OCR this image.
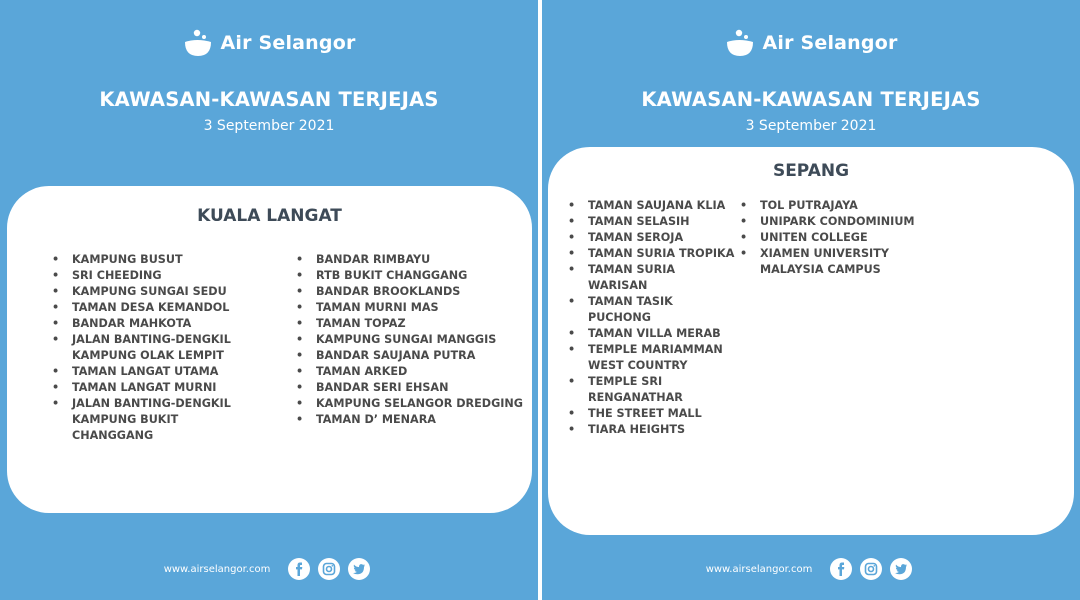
Air Selangor
KAWASAN-KAWASAN TERJEJAS
3 September 2021
KUALA LANGAT
• KAMPUNG BUSUT
• SRI CHEEDING
• KAMPUNG SUNGAI SEDU
• TAMAN DESA KEMANDOL
• BANDAR MAHKOTA
• JALAN BANTING-DENGKIL KAMPUNG OLAK LEMPIT
• TAMAN LANGAT UTAMA
• TAMAN LANGAT MURNI
• JALAN BANTING-DENGKIL KAMPUNG BUKIT CHANGGANG
• BANDAR RIMBAYU
• RTB BUKIT CHANGGANG
• BANDAR BROOKLANDS
• TAMAN MURNI MAS
• TAMAN TOPAZ
• KAMPUNG SUNGAI MANGGIS
• BANDAR SAUJANA PUTRA
• TAMAN ARKED
• BANDAR SERI EHSAN
• KAMPUNG SELANGOR DREDGING
• TAMAN D’ MENARA
www.airselangor.com
Air Selangor
KAWASAN-KAWASAN TERJEJAS
3 September 2021
SEPANG
• TAMAN SAUJANA KLIA
• TAMAN SELASIH
• TAMAN SEROJA
• TAMAN SURIA TROPIKA
• TAMAN SURIA WARISAN
• TAMAN TASIK PUCHONG
• TAMAN VILLA MERAB
• TEMPLE MARIAMMAN WEST COUNTRY
• TEMPLE SRI RENGANATHAR
• THE STREET MALL
• TIARA HEIGHTS
• TOL PUTRAJAYA
• UNIPARK CONDOMINIUM
• UNITEN COLLEGE
• XIAMEN UNIVERSITY MALAYSIA CAMPUS
www.airselangor.com
